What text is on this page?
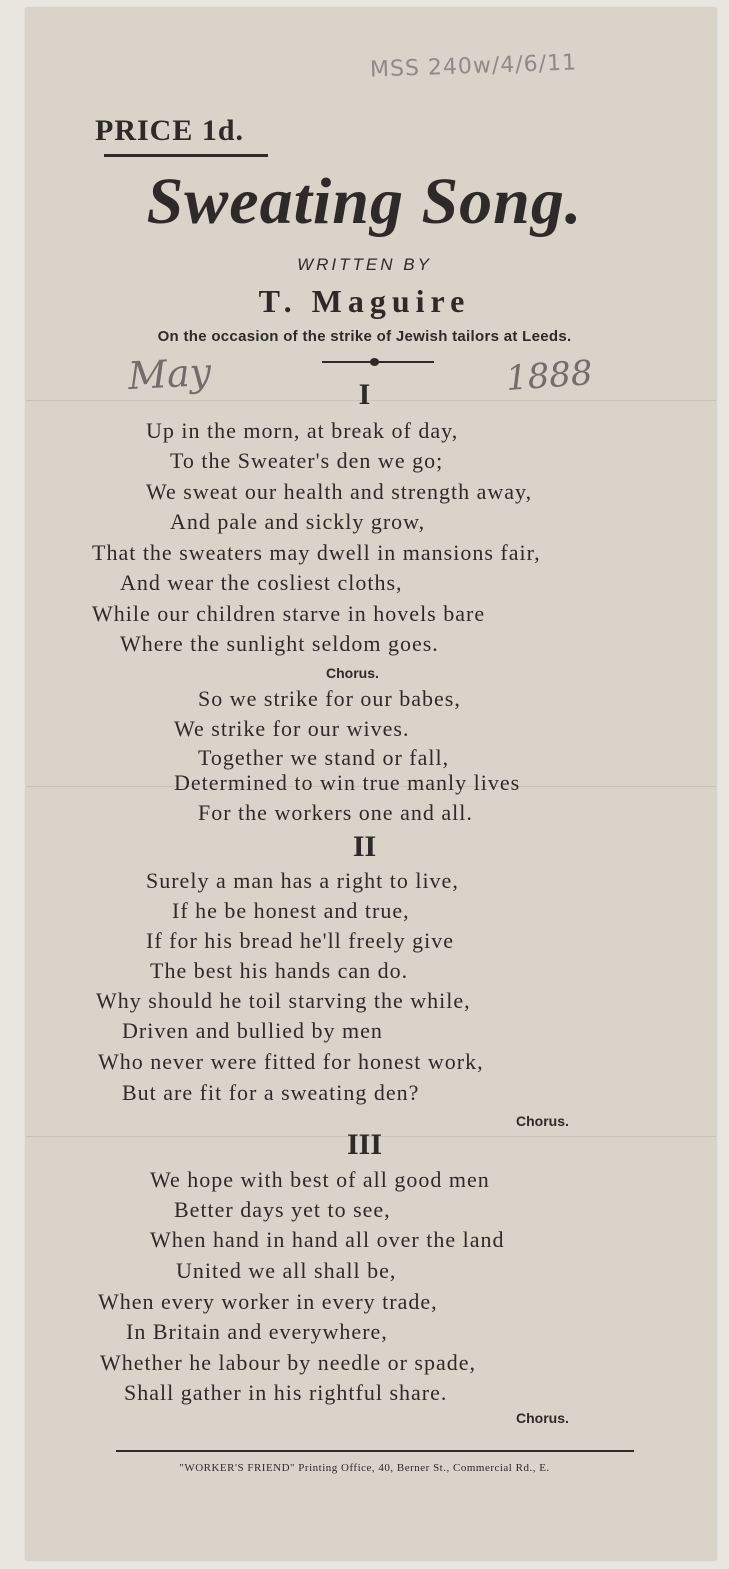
MSS 240w/4/6/11
PRICE 1d.
Sweating Song.
WRITTEN BY
T. Maguire
On the occasion of the strike of Jewish tailors at Leeds.
May	1888
I
Up in the morn, at break of day,
To the Sweater's den we go;
We sweat our health and strength away,
And pale and sickly grow,
That the sweaters may dwell in mansions fair,
And wear the cosliest cloths,
While our children starve in hovels bare
Where the sunlight seldom goes.
Chorus.
So we strike for our babes,
We strike for our wives.
Together we stand or fall,
Determined to win true manly lives
For the workers one and all.
II
Surely a man has a right to live,
If he be honest and true,
If for his bread he'll freely give
The best his hands can do.
Why should he toil starving the while,
Driven and bullied by men
Who never were fitted for honest work,
But are fit for a sweating den?
Chorus.
III
We hope with best of all good men
Better days yet to see,
When hand in hand all over the land
United we all shall be,
When every worker in every trade,
In Britain and everywhere,
Whether he labour by needle or spade,
Shall gather in his rightful share.
Chorus.
"WORKER'S FRIEND" Printing Office, 40, Berner St., Commercial Rd., E.
